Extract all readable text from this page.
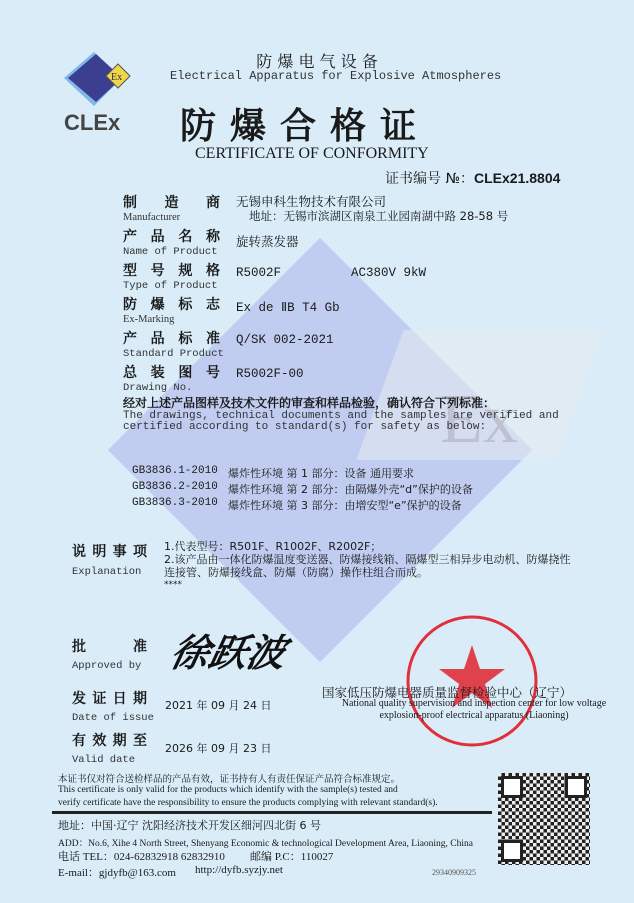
Ex
Ex
CLEx
防 爆 电 气 设 备
Electrical Apparatus for Explosive Atmospheres
防爆合格证
CERTIFICATE OF CONFORMITY
证书编号 №：CLEx21.8804
制 造 商
Manufacturer
无锡申科生物技术有限公司
地址：无锡市滨湖区南泉工业园南湖中路 28-58 号
产 品 名 称
Name of Product
旋转蒸发器
型 号 规 格
Type of Product
R5002F	AC380V 9kW
防 爆 标 志
Ex-Marking
Ex de ⅡB T4 Gb
产 品 标 准
Standard Product
Q/SK 002-2021
总 装 图 号
Drawing No.
R5002F-00
经对上述产品图样及技术文件的审查和样品检验，确认符合下列标准：
The drawings, technical documents and the samples are verified and
certified according to standard(s) for safety as below:
GB3836.1-2010 爆炸性环境 第 1 部分：设备 通用要求
GB3836.2-2010 爆炸性环境 第 2 部分：由隔爆外壳“d”保护的设备
GB3836.3-2010 爆炸性环境 第 3 部分：由增安型“e”保护的设备
说 明 事 项
Explanation
1.代表型号：R501F、R1002F、R2002F；
2.该产品由一体化防爆温度变送器、防爆接线箱、隔爆型三相异步电动机、防爆挠性
连接管、防爆接线盒、防爆（防腐）操作柱组合而成。
****
批	准
Approved by 徐跃波
发 证 日 期
Date of issue
2021 年 09 月 24 日
有 效 期 至
Valid date
2026 年 09 月 23 日
国家低压防爆电器质量监督检验中心（辽宁）
National quality supervision and inspection center for low voltage
explosion-proof electrical apparatus (Liaoning)
本证书仅对符合送检样品的产品有效，证书持有人有责任保证产品符合标准规定。
This certificate is only valid for the products which identify with the sample(s) tested and
verify certificate have the responsibility to ensure the products complying with relevant standard(s).
地址：中国·辽宁 沈阳经济技术开发区细河四北街 6 号
ADD：No.6, Xihe 4 North Street, Shenyang Economic & technological Development Area, Liaoning, China
电话 TEL：024-62832918 62832910 邮编 P.C：110027
E-mail：gjdyfb@163.com http://dyfb.syzjy.net	29340909325
